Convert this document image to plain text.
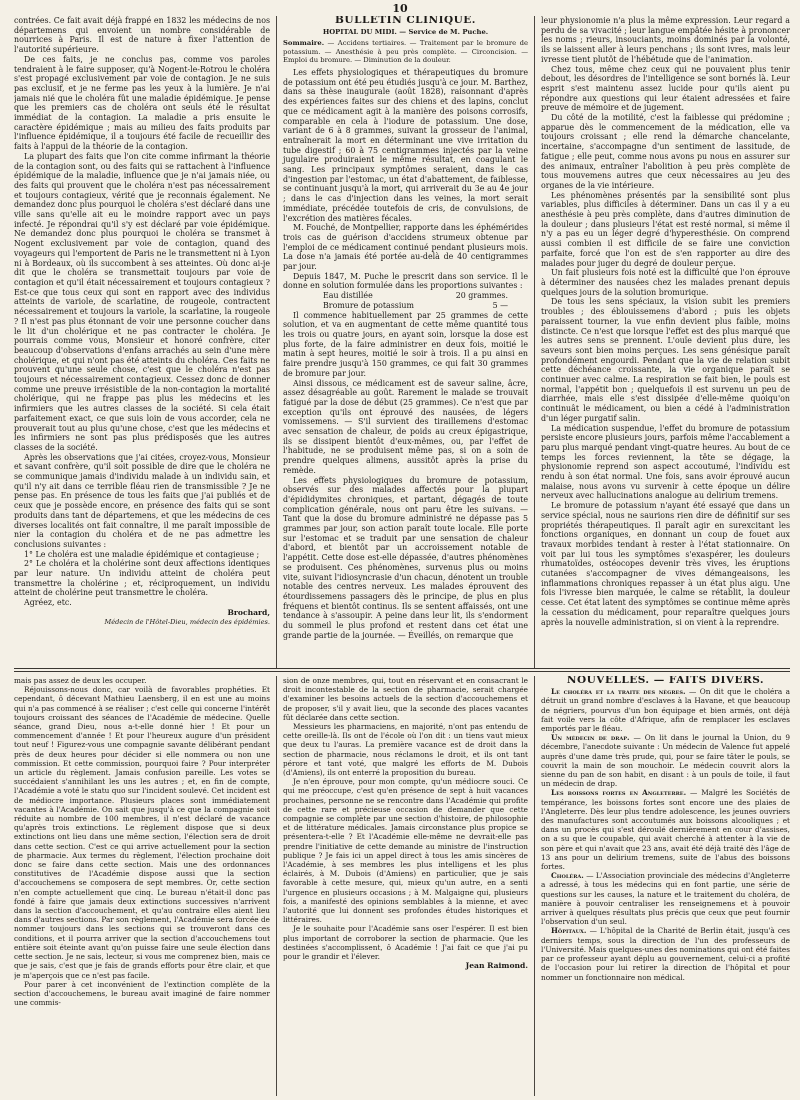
10

contrées. Ce fait avait déjà frappé en 1832 les médecins de nos départemens qui envoient un nombre considérable de nourrices à Paris. Il est de nature à fixer l'attention de l'autorité supérieure.

De ces faits, je ne conclus pas, comme vos paroles tendraient à le faire supposer, qu'à Nogent-le-Rotrou le choléra s'est propagé exclusivement par voie de contagion. Je ne suis pas exclusif, et je ne ferme pas les yeux à la lumière. Je n'ai jamais nié que le choléra fût une maladie épidémique. Je pense que les premiers cas de choléra ont seuls été le résultat immédiat de la contagion. La maladie a pris ensuite le caractère épidémique ; mais au milieu des faits produits par l'influence épidémique, il a toujours été facile de recueillir des faits à l'appui de la théorie de la contagion.

La plupart des faits que l'on cite comme infirmant la théorie de la contagion sont, ou des faits qui se rattachent à l'influence épidémique de la maladie, influence que je n'ai jamais niée, ou des faits qui prouvent que le choléra n'est pas nécessairement et toujours contagieux, vérité que je reconnais également. Ne demandez donc plus pourquoi le choléra s'est déclaré dans une ville sans qu'elle ait eu le moindre rapport avec un pays infecté. Je répondrai qu'il s'y est déclaré par voie épidémique. Ne demandez donc plus pourquoi le choléra se transmet à Nogent exclusivement par voie de contagion, quand des voyageurs qui l'emportent de Paris ne le transmettent ni à Lyon ni à Bordeaux, où ils succombent à ses atteintes. Où donc ai-je dit que le choléra se transmettait toujours par voie de contagion et qu'il était nécessairement et toujours contagieux ? Est-ce que tous ceux qui sont en rapport avec des individus atteints de variole, de scarlatine, de rougeole, contractent nécessairement et toujours la variole, la scarlatine, la rougeole ? Il n'est pas plus étonnant de voir une personne coucher dans le lit d'un cholérique et ne pas contracter le choléra. Je pourrais comme vous, Monsieur et honoré confrère, citer beaucoup d'observations d'enfans arrachés au sein d'une mère cholérique, et qui n'ont pas été atteints du choléra. Ces faits ne prouvent qu'une seule chose, c'est que le choléra n'est pas toujours et nécessairement contagieux. Cessez donc de donner comme une preuve irrésistible de la non-contagion la mortalité cholérique, qui ne frappe pas plus les médecins et les infirmiers que les autres classes de la société. Si cela était parfaitement exact, ce que suis loin de vous accorder, cela ne prouverait tout au plus qu'une chose, c'est que les médecins et les infirmiers ne sont pas plus prédisposés que les autres classes de la société.

Après les observations que j'ai citées, croyez-vous, Monsieur et savant confrère, qu'il soit possible de dire que le choléra ne se communique jamais d'individu malade à un individu sain, et qu'il n'y ait dans ce terrible fléau rien de transmissible ? Je ne pense pas. En présence de tous les faits que j'ai publiés et de ceux que je possède encore, en présence des faits qui se sont produits dans tant de départemens, et que les médecins de ces diverses localités ont fait connaître, il me paraît impossible de nier la contagion du choléra et de ne pas admettre les conclusions suivantes :

1° Le choléra est une maladie épidémique et contagieuse ;

2° Le choléra et la cholérine sont deux affections identiques par leur nature. Un individu atteint de choléra peut transmettre la cholérine ; et, réciproquement, un individu atteint de cholérine peut transmettre le choléra.

Agréez, etc.

Brochard,

Médecin de l'Hôtel-Dieu, médecin des épidémies.

BULLETIN CLINIQUE.
HOPITAL DU MIDI. — Service de M. Puche.
Sommaire. — Accidens tertiaires. — Traitement par le bromure de potassium. — Anesthésie à peu près complète. — Circoncision. — Emploi du bromure. — Diminution de la douleur.

Les effets physiologiques et thérapeutiques du bromure de potassium ont été peu étudiés jusqu'à ce jour. M. Barthez, dans sa thèse inaugurale (août 1828), raisonnant d'après des expériences faites sur des chiens et des lapins, conclut que ce médicament agit à la manière des poisons corrosifs, comparable en cela à l'iodure de potassium. Une dose, variant de 6 à 8 grammes, suivant la grosseur de l'animal, entraînerait la mort en déterminant une vive irritation du tube digestif ; 60 à 75 centigrammes injectés par la veine jugulaire produiraient le même résultat, en coagulant le sang. Les principaux symptômes seraient, dans le cas d'ingestion par l'estomac, un état d'abattement, de faiblesse, se continuant jusqu'à la mort, qui arriverait du 3e au 4e jour ; dans le cas d'injection dans les veines, la mort serait immédiate, précédée toutefois de cris, de convulsions, de l'excrétion des matières fécales.

M. Fouché, de Montpellier, rapporte dans les éphémérides trois cas de guérison d'accidens strumeux obtenue par l'emploi de ce médicament continué pendant plusieurs mois. La dose n'a jamais été portée au-delà de 40 centigrammes par jour.

Depuis 1847, M. Puche le prescrit dans son service. Il le donne en solution formulée dans les proportions suivantes :

Eau distillée	20 grammes.

Bromure de potassium	5 —

Il commence habituellement par 25 grammes de cette solution, et va en augmentant de cette même quantité tous les trois ou quatre jours, en ayant soin, lorsque la dose est plus forte, de la faire administrer en deux fois, moitié le matin à sept heures, moitié le soir à trois. Il a pu ainsi en faire prendre jusqu'à 150 grammes, ce qui fait 30 grammes de bromure par jour.

Ainsi dissous, ce médicament est de saveur saline, âcre, assez désagréable au goût. Rarement le malade se trouvait fatigué par la dose de début (25 grammes). Ce n'est que par exception qu'ils ont éprouvé des nausées, de légers vomissemens. — S'il survient des tiraillemens d'estomac avec sensation de chaleur, de poids au creux épigastrique, ils se dissipent bientôt d'eux-mêmes, ou, par l'effet de l'habitude, ne se produisent même pas, si on a soin de prendre quelques alimens, aussitôt après la prise du remède.

Les effets physiologiques du bromure de potassium, observés sur des malades affectés pour la plupart d'épididymites chroniques, et partant, dégagés de toute complication générale, nous ont paru être les suivans. — Tant que la dose du bromure administré ne dépasse pas 5 grammes par jour, son action paraît toute locale. Elle porte sur l'estomac et se traduit par une sensation de chaleur d'abord, et bientôt par un accroissement notable de l'appétit. Cette dose est-elle dépassée, d'autres phénomènes se produisent. Ces phénomènes, survenus plus ou moins vite, suivant l'idiosyncrasie d'un chacun, dénotent un trouble notable des centres nerveux. Les malades éprouvent des étourdissemens passagers dès le principe, de plus en plus fréquens et bientôt continus. Ils se sentent affaissés, ont une tendance à s'assoupir. A peine dans leur lit, ils s'endorment du sommeil le plus profond et restent dans cet état une grande partie de la journée. — Éveillés, on remarque que

leur physionomie n'a plus la même expression. Leur regard a perdu de sa vivacité ; leur langue empâtée hésite à prononcer les noms ; rieurs, insouciants, moins dominés par la volonté, ils se laissent aller à leurs penchans ; ils sont ivres, mais leur ivresse tient plutôt de l'hébétude que de l'animation.

Chez tous, même chez ceux qui ne pouvaient plus tenir debout, les désordres de l'intelligence se sont bornés là. Leur esprit s'est maintenu assez lucide pour qu'ils aient pu répondre aux questions qui leur étaient adressées et faire preuve de mémoire et de jugement.

Du côté de la motilité, c'est la faiblesse qui prédomine ; apparue dès le commencement de la médication, elle va toujours croissant ; elle rend la démarche chancelante, incertaine, s'accompagne d'un sentiment de lassitude, de fatigue ; elle peut, comme nous avons pu nous en assurer sur des animaux, entraîner l'abolition à peu près complète de tous mouvemens autres que ceux nécessaires au jeu des organes de la vie intérieure.

Les phénomènes présentés par la sensibilité sont plus variables, plus difficiles à déterminer. Dans un cas il y a eu anesthésie à peu près complète, dans d'autres diminution de la douleur ; dans plusieurs l'état est resté normal, si même il n'y a pas eu un léger degré d'hyperesthésie. On comprend aussi combien il est difficile de se faire une conviction parfaite, forcé que l'on est de s'en rapporter au dire des malades pour juger du degré de douleur perçue.

Un fait plusieurs fois noté est la difficulté que l'on éprouve à déterminer des nausées chez les malades prenant depuis quelques jours de la solution bromurique.

De tous les sens spéciaux, la vision subit les premiers troubles ; des éblouissemens d'abord ; puis les objets paraissent tourner, la vue enfin devient plus faible, moins distincte. Ce n'est que lorsque l'effet est des plus marqué que les autres sens se prennent. L'ouïe devient plus dure, les saveurs sont bien moins perçues. Les sens génésique paraît profondément engourdi. Pendant que la vie de relation subit cette déchéance croissante, la vie organique paraît se continuer avec calme. La respiration se fait bien, le pouls est normal, l'appétit bon ; quelquefois il est survenu un peu de diarrhée, mais elle s'est dissipée d'elle-même quoiqu'on continuât le médicament, ou bien a cédé à l'administration d'un léger purgatif salin.

La médication suspendue, l'effet du bromure de potassium persiste encore plusieurs jours, parfois même l'accablement a paru plus marqué pendant vingt-quatre heures. Au bout de ce temps les forces reviennent, la tête se dégage, la physionomie reprend son aspect accoutumé, l'individu est rendu à son état normal. Une fois, sans avoir éprouvé aucun malaise, nous avons vu survenir à cette époque un délire nerveux avec hallucinations analogue au delirium tremens.

Le bromure de potassium n'ayant été essayé que dans un service spécial, nous ne saurions rien dire de définitif sur ses propriétés thérapeutiques. Il paraît agir en surexcitant les fonctions organiques, en donnant un coup de fouet aux travaux morbides tendant à rester à l'état stationnaire. On voit par lui tous les symptômes s'exaspérer, les douleurs rhumatoïdes, ostéocopes devenir très vives, les éruptions cutanées s'accompagner de vives démangeaisons, les inflammations chroniques repasser à un état plus aigu. Une fois l'ivresse bien marquée, le calme se rétablit, la douleur cesse. Cet état latent des symptômes se continue même après la cessation du médicament, pour reparaître quelques jours après la nouvelle administration, si on vient à la reprendre.

mais pas assez de deux les occuper.

Réjouissons-nous donc, car voilà de favorables prophéties. Et cependant, ô décevant Mathieu Laensberg, il en est une au moins qui n'a pas commencé à se réaliser ; c'est celle qui concerne l'intérêt toujours croissant des séances de l'Académie de médecine. Quelle séance, grand Dieu, nous a-t-elle donné hier ! Et pour un commencement d'année ! Et pour l'heureux augure d'un président tout neuf ! Figurez-vous une compagnie savante délibérant pendant près de deux heures pour décider si elle nommera ou non une commission. Et cette commission, pourquoi faire ? Pour interpréter un article du règlement. Jamais confusion pareille. Les votes se succédaient s'annihilant les uns les autres ; et, en fin de compte, l'Académie a voté le statu quo sur l'incident soulevé. Cet incident est de médiocre importance. Plusieurs places sont immédiatement vacantes à l'Académie. On sait que jusqu'à ce que la compagnie soit réduite au nombre de 100 membres, il n'est déclaré de vacance qu'après trois extinctions. Le règlement dispose que si deux extinctions ont lieu dans une même section, l'élection sera de droit dans cette section. C'est ce qui arrive actuellement pour la section de pharmacie. Aux termes du règlement, l'élection prochaine doit donc se faire dans cette section. Mais une des ordonnances constitutives de l'Académie dispose aussi que la section d'accouchemens se composera de sept membres. Or, cette section n'en compte actuellement que cinq. Le bureau n'était-il donc pas fondé à faire que jamais deux extinctions successives n'arrivent dans la section d'accouchement, et qu'au contraire elles aient lieu dans d'autres sections. Par son règlement, l'Académie sera forcée de nommer toujours dans les sections qui se trouveront dans ces conditions, et il pourra arriver que la section d'accouchemens tout entière soit éteinte avant qu'on puisse faire une seule élection dans cette section. Je ne sais, lecteur, si vous me comprenez bien, mais ce que je sais, c'est que je fais de grands efforts pour être clair, et que je m'aperçois que ce n'est pas facile.

Pour parer à cet inconvénient de l'extinction complète de la section d'accouchemens, le bureau avait imaginé de faire nommer une commis-

sion de onze membres, qui, tout en réservant et en consacrant le droit incontestable de la section de pharmacie, serait chargée d'examiner les besoins actuels de la section d'accouchemens et de proposer, s'il y avait lieu, que la seconde des places vacantes fût déclarée dans cette section.

Messieurs les pharmaciens, en majorité, n'ont pas entendu de cette oreille-là. Ils ont de l'école où l'on dit : un tiens vaut mieux que deux tu l'auras. La première vacance est de droit dans la section de pharmacie, nous réclamons le droit, et ils ont tant pérore et tant voté, que malgré les efforts de M. Dubois (d'Amiens), ils ont enterré la proposition du bureau.

Je n'en éprouve, pour mon compte, qu'un médiocre souci. Ce qui me préoccupe, c'est qu'en présence de sept à huit vacances prochaines, personne ne se rencontre dans l'Académie qui profite de cette rare et précieuse occasion de demander que cette compagnie se complète par une section d'histoire, de philosophie et de littérature médicales. Jamais circonstance plus propice se présentera-t-elle ? Et l'Académie elle-même ne devrait-elle pas prendre l'initiative de cette demande au ministre de l'instruction publique ? Je fais ici un appel direct à tous les amis sincères de l'Académie, à ses membres les plus intelligens et les plus éclairés, à M. Dubois (d'Amiens) en particulier, que je sais favorable à cette mesure, qui, mieux qu'un autre, en a senti l'urgence en plusieurs occasions ; à M. Malgaigne qui, plusieurs fois, a manifesté des opinions semblables à la mienne, et avec l'autorité que lui donnent ses profondes études historiques et littéraires.

Je le souhaite pour l'Académie sans oser l'espérer. Il est bien plus important de corroborer la section de pharmacie. Que les destinées s'accomplissent, ô Académie ! J'ai fait ce que j'ai pu pour le grandir et l'élever.

Jean Raimond.

NOUVELLES. — FAITS DIVERS.

Le choléra et la traite des nègres. — On dit que le choléra a détruit un grand nombre d'esclaves à la Havane, et que beaucoup de négriers, pourvus d'un bon équipage et bien armés, ont déjà fait voile vers la côte d'Afrique, afin de remplacer les esclaves emportés par le fléau.

Un médecin de drap. — On lit dans le journal la Union, du 9 décembre, l'anecdote suivante : Un médecin de Valence fut appelé auprès d'une dame très prude, qui, pour se faire tâter le pouls, se couvrit la main de son mouchoir. Le médecin couvrit alors la sienne du pan de son habit, en disant : à un pouls de toile, il faut un médecin de drap.

Les boissons fortes en Angleterre. — Malgré les Sociétés de tempérance, les boissons fortes sont encore une des plaies de l'Angleterre. Dès leur plus tendre adolescence, les jeunes ouvriers des manufactures sont accoutumés aux boissons alcooliques ; et dans un procès qui s'est déroulé dernièrement en cour d'assises, on a su que le coupable, qui avait cherché à attenter à la vie de son père et qui n'avait que 23 ans, avait été déjà traité dès l'âge de 13 ans pour un delirium tremens, suite de l'abus des boissons fortes.

Choléra. — L'Association provinciale des médecins d'Angleterre a adressé, à tous les médecins qui en font partie, une série de questions sur les causes, la nature et le traitement du choléra, de manière à pouvoir centraliser les renseignemens et à pouvoir arriver à quelques résultats plus précis que ceux que peut fournir l'observation d'un seul.

Hôpitaux. — L'hôpital de la Charité de Berlin était, jusqu'à ces derniers temps, sous la direction de l'un des professeurs de l'Université. Mais quelques-unes des nominations qui ont été faites par ce professeur ayant déplu au gouvernement, celui-ci a profité de l'occasion pour lui retirer la direction de l'hôpital et pour nommer un fonctionnaire non médical.
